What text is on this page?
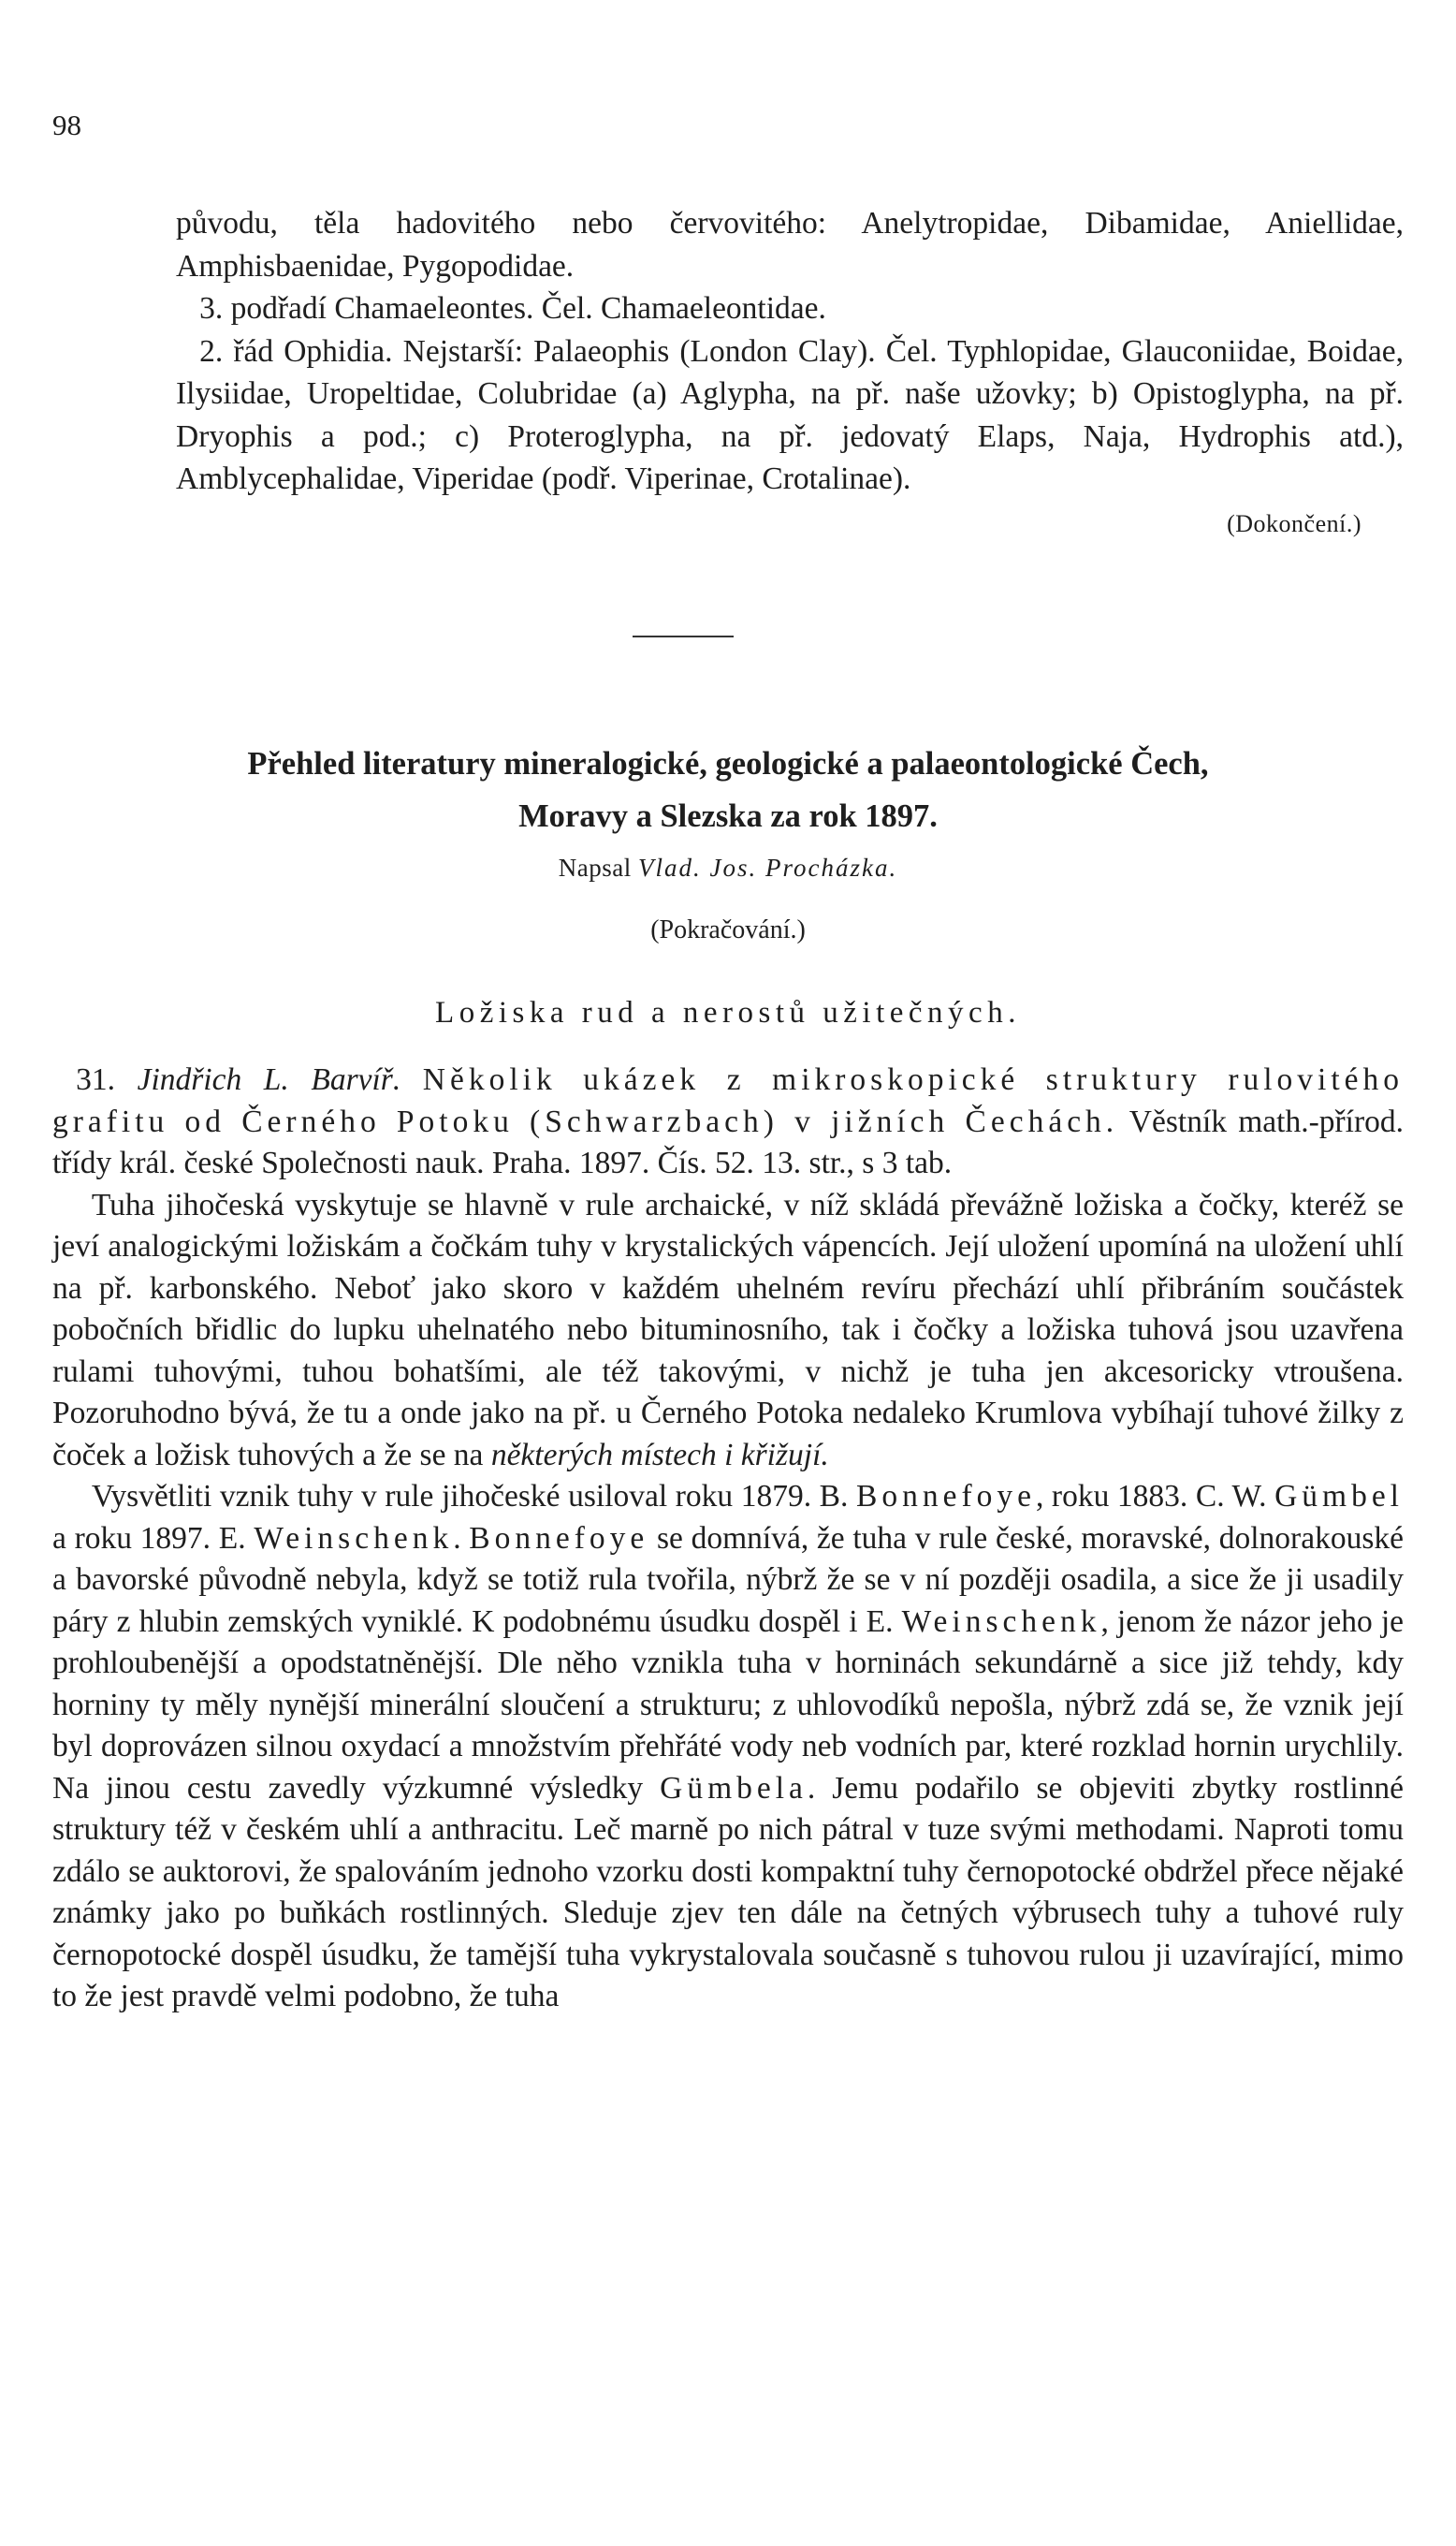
98

původu, těla hadovitého nebo červovitého: Anelytropidae, Dibamidae, Aniellidae, Amphisbaenidae, Pygopodidae.

3. podřadí Chamaeleontes. Čel. Chamaeleontidae.

2. řád Ophidia. Nejstarší: Palaeophis (London Clay). Čel. Typhlopidae, Glauconiidae, Boidae, Ilysiidae, Uropeltidae, Colubridae (a) Aglypha, na př. naše užovky; b) Opistoglypha, na př. Dryophis a pod.; c) Proteroglypha, na př. jedovatý Elaps, Naja, Hydrophis atd.), Amblycephalidae, Viperidae (podř. Viperinae, Crotalinae).

(Dokončení.)
Přehled literatury mineralogické, geologické a palaeontologické Čech,
Moravy a Slezska za rok 1897.
Napsal Vlad. Jos. Procházka.
(Pokračování.)
Ložiska rud a nerostů užitečných.

31. Jindřich L. Barvíř. Několik ukázek z mikroskopické struktury rulovitého grafitu od Černého Potoku (Schwarzbach) v jižních Čechách. Věstník math.-přírod. třídy král. české Společnosti nauk. Praha. 1897. Čís. 52. 13. str., s 3 tab.

Tuha jihočeská vyskytuje se hlavně v rule archaické, v níž skládá převážně ložiska a čočky, kteréž se jeví analogickými ložiskám a čočkám tuhy v krystalických vápencích. Její uložení upomíná na uložení uhlí na př. karbonského. Neboť jako skoro v každém uhelném revíru přechází uhlí přibráním součástek pobočních břidlic do lupku uhelnatého nebo bituminosního, tak i čočky a ložiska tuhová jsou uzavřena rulami tuhovými, tuhou bohatšími, ale též takovými, v nichž je tuha jen akcesoricky vtroušena. Pozoruhodno bývá, že tu a onde jako na př. u Černého Potoka nedaleko Krumlova vybíhají tuhové žilky z čoček a ložisk tuhových a že se na některých místech i křižují.

Vysvětliti vznik tuhy v rule jihočeské usiloval roku 1879. B. Bonnefoye, roku 1883. C. W. Gümbel a roku 1897. E. Weinschenk. Bonnefoye se domnívá, že tuha v rule české, moravské, dolnorakouské a bavorské původně nebyla, když se totiž rula tvořila, nýbrž že se v ní později osadila, a sice že ji usadily páry z hlubin zemských vyniklé. K podobnému úsudku dospěl i E. Weinschenk, jenom že názor jeho je prohloubenější a opodstatněnější. Dle něho vznikla tuha v horninách sekundárně a sice již tehdy, kdy horniny ty měly nynější minerální sloučení a strukturu; z uhlovodíků nepošla, nýbrž zdá se, že vznik její byl doprovázen silnou oxydací a množstvím přehřáté vody neb vodních par, které rozklad hornin urychlily. Na jinou cestu zavedly výzkumné výsledky Gümbela. Jemu podařilo se objeviti zbytky rostlinné struktury též v českém uhlí a anthracitu. Leč marně po nich pátral v tuze svými methodami. Naproti tomu zdálo se auktorovi, že spalováním jednoho vzorku dosti kompaktní tuhy černopotocké obdržel přece nějaké známky jako po buňkách rostlinných. Sleduje zjev ten dále na četných výbrusech tuhy a tuhové ruly černopotocké dospěl úsudku, že tamější tuha vykrystalovala současně s tuhovou rulou ji uzavírající, mimo to že jest pravdě velmi podobno, že tuha
